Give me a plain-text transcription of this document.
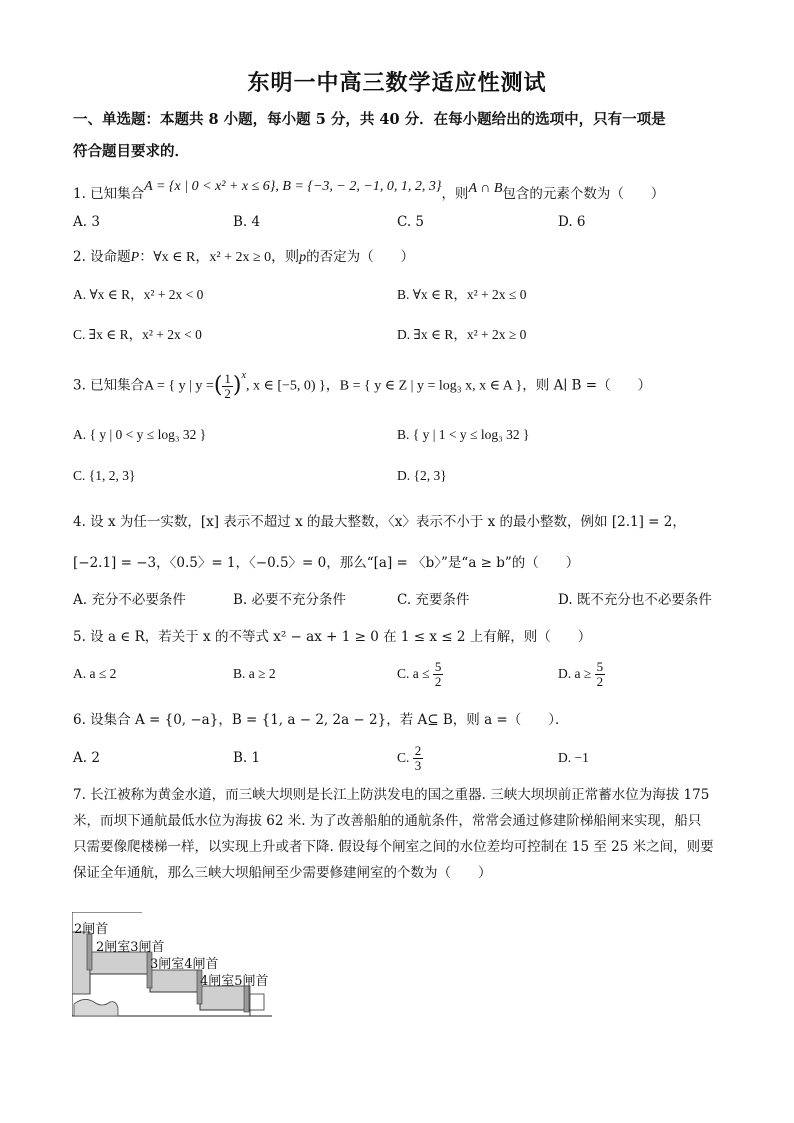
东明一中高三数学适应性测试
一、单选题：本题共 8 小题，每小题 5 分，共 40 分．在每小题给出的选项中，只有一项是
符合题目要求的．
1. 已知集合A = {x | 0 < x² + x ≤ 6}, B = {−3, − 2, −1, 0, 1, 2, 3}，则A ∩ B包含的元素个数为（　　）
A. 3	B. 4	C. 5	D. 6
2. 设命题P：∀x ∈ R，x² + 2x ≥ 0，则p的否定为（　　）
A. ∀x ∈ R，x² + 2x < 0	B. ∀x ∈ R，x² + 2x ≤ 0
C. ∃x ∈ R，x² + 2x < 0	D. ∃x ∈ R，x² + 2x ≥ 0
3. 已知集合A = { y | y =( $\frac{1}{2} )^x$, x ∈ [−5, 0) }，B = { y ∈ Z | y = log₃ x, x ∈ A }，则 A∣ B =（　　）
A. { y | 0 < y ≤ log₃ 32 }	B. { y | 1 < y ≤ log₃ 32 }
C. {1, 2, 3}	D. {2, 3}
4. 设 x 为任一实数，[x] 表示不超过 x 的最大整数，〈x〉表示不小于 x 的最小整数，例如 [2.1] = 2，
[−2.1] = −3，〈0.5〉= 1，〈−0.5〉= 0，那么“[a] = 〈b〉”是“a ≥ b”的（　　）
A. 充分不必要条件	B. 必要不充分条件	C. 充要条件	D. 既不充分也不必要条件
5. 设 a ∈ R，若关于 x 的不等式 x² − ax + 1 ≥ 0 在 1 ≤ x ≤ 2 上有解，则（　　）
A. a ≤ 2	B. a ≥ 2	C. $a \le \frac{5}{2}$	D. $a \ge \frac{5}{2}$
6. 设集合 A = {0, −a}，B = {1, a − 2, 2a − 2}，若 A⊆ B，则 a =（　　）．
A. 2	B. 1	C. $\frac{2}{3}$	D. −1
7. 长江被称为黄金水道，而三峡大坝则是长江上防洪发电的国之重器. 三峡大坝坝前正常蓄水位为海拔 175
米，而坝下通航最低水位为海拔 62 米. 为了改善船舶的通航条件，常常会通过修建阶梯船闸来实现，船只
只需要像爬楼梯一样，以实现上升或者下降. 假设每个闸室之间的水位差均可控制在 15 至 25 米之间，则要
保证全年通航，那么三峡大坝船闸至少需要修建闸室的个数为（　　）
2闸首
2闸室3闸首
3闸室4闸首
4闸室5闸首
